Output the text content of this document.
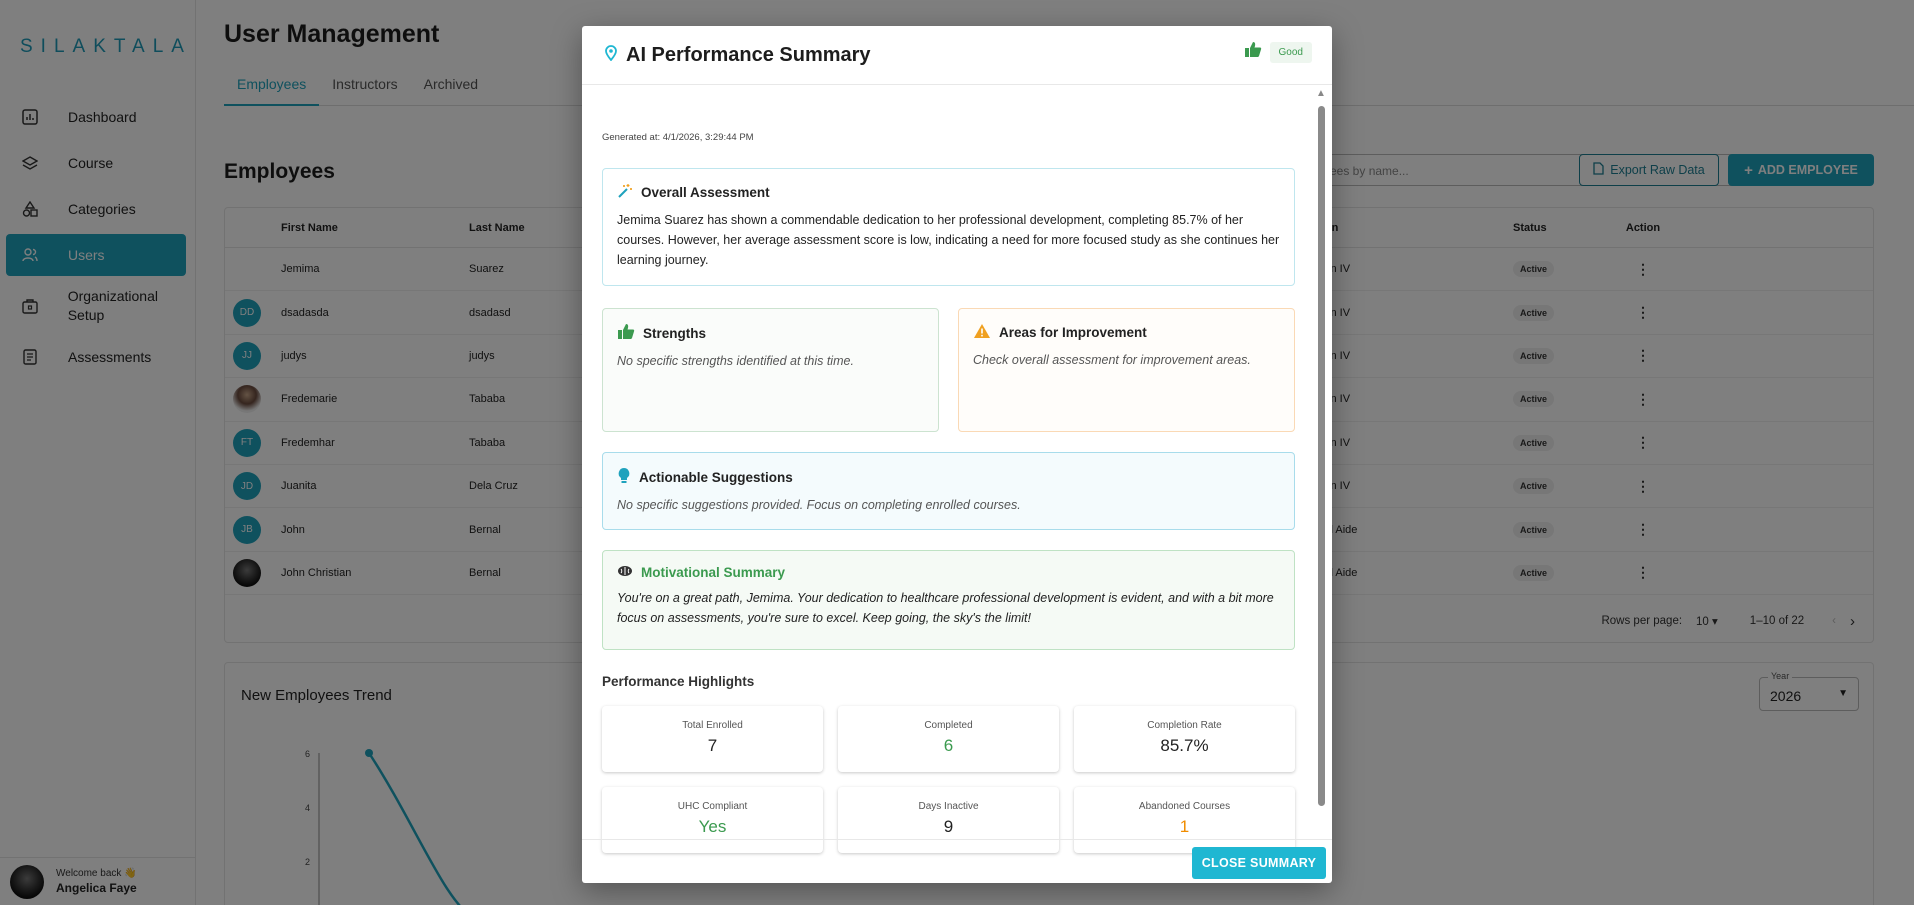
AI Performance Summary	Good
Generated at: 4/1/2026, 3:29:44 PM
Overall Assessment
Jemima Suarez has shown a commendable dedication to her professional development, completing 85.7% of her courses. However, her average assessment score is low, indicating a need for more focused study as she continues her learning journey.
Strengths
No specific strengths identified at this time.
Areas for Improvement
Check overall assessment for improvement areas.
Actionable Suggestions
No specific suggestions provided. Focus on completing enrolled courses.
Motivational Summary
You're on a great path, Jemima. Your dedication to healthcare professional development is evident, and with a bit more focus on assessments, you're sure to excel. Keep going, the sky's the limit!
Performance Highlights
Total Enrolled
7
Completed
6
Completion Rate
85.7%
UHC Compliant
Yes
Days Inactive
9
Abandoned Courses
1
▲
CLOSE SUMMARY
